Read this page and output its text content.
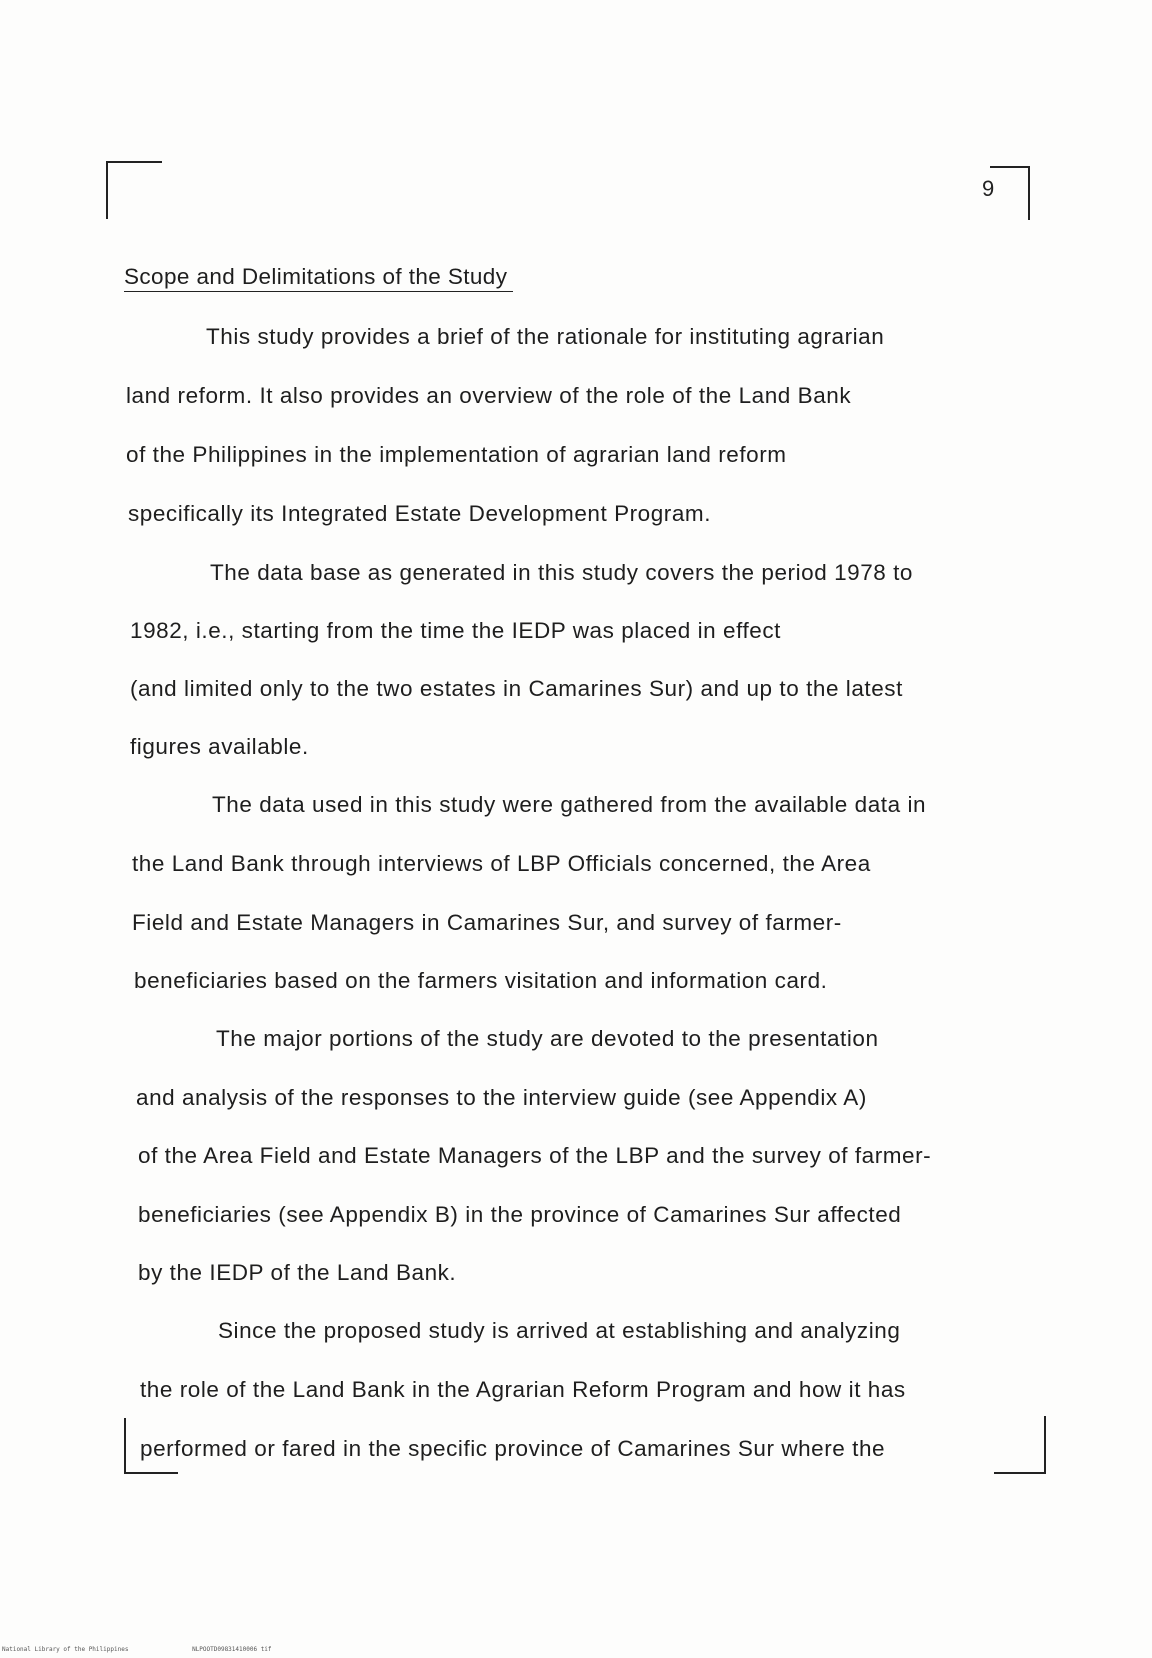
9
Scope and Delimitations of the Study
This study provides a brief of the rationale for instituting agrarian
land reform. It also provides an overview of the role of the Land Bank
of the Philippines in the implementation of agrarian land reform
specifically its Integrated Estate Development Program.
The data base as generated in this study covers the period 1978 to
1982, i.e., starting from the time the IEDP was placed in effect
(and limited only to the two estates in Camarines Sur) and up to the latest
figures available.
The data used in this study were gathered from the available data in
the Land Bank through interviews of LBP Officials concerned, the Area
Field and Estate Managers in Camarines Sur, and survey of farmer-
beneficiaries based on the farmers visitation and information card.
The major portions of the study are devoted to the presentation
and analysis of the responses to the interview guide (see Appendix A)
of the Area Field and Estate Managers of the LBP and the survey of farmer-
beneficiaries (see Appendix B) in the province of Camarines Sur affected
by the IEDP of the Land Bank.
Since the proposed study is arrived at establishing and analyzing
the role of the Land Bank in the Agrarian Reform Program and how it has
performed or fared in the specific province of Camarines Sur where the
National Library of the Philippines	NLPOOTD09831410006 tif
